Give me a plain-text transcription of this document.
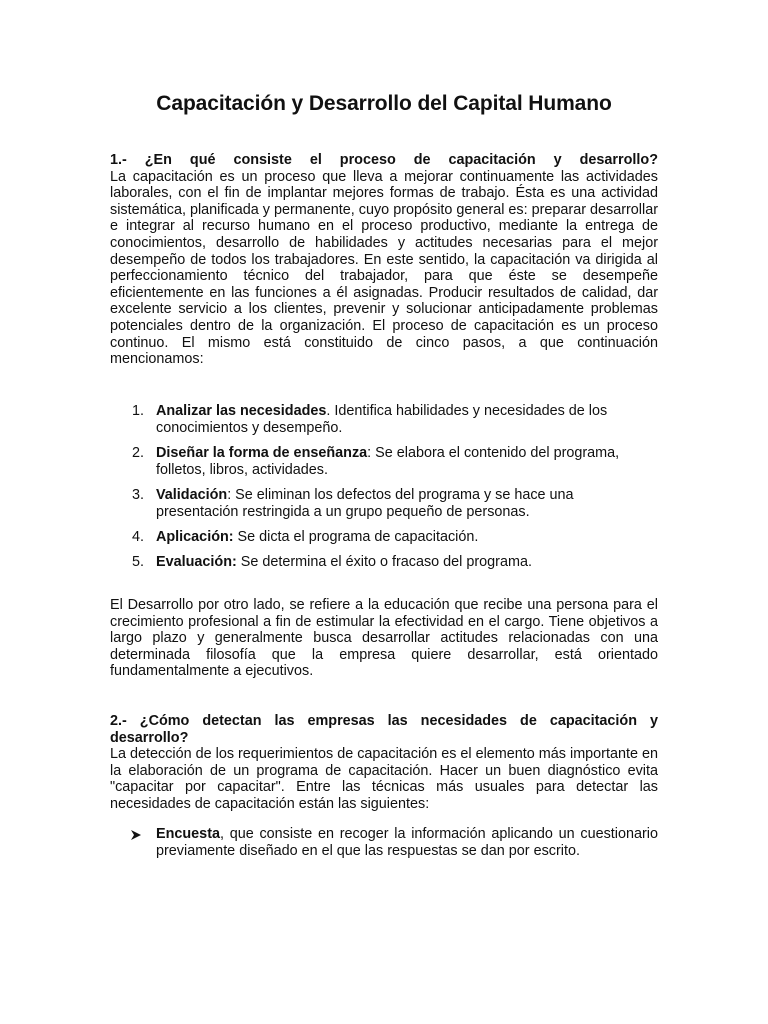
Capacitación y Desarrollo del Capital Humano
1.- ¿En qué consiste el proceso de capacitación y desarrollo?

La capacitación es un proceso que lleva a mejorar continuamente las actividades laborales, con el fin de implantar mejores formas de trabajo. Ésta es una actividad sistemática, planificada y permanente, cuyo propósito general es: preparar desarrollar e integrar al recurso humano en el proceso productivo, mediante la entrega de conocimientos, desarrollo de habilidades y actitudes necesarias para el mejor desempeño de todos los trabajadores. En este sentido, la capacitación va dirigida al perfeccionamiento técnico del trabajador, para que éste se desempeñe eficientemente en las funciones a él asignadas. Producir resultados de calidad, dar excelente servicio a los clientes, prevenir y solucionar anticipadamente problemas potenciales dentro de la organización. El proceso de capacitación es un proceso continuo. El mismo está constituido de cinco pasos, a que continuación mencionamos:

1. Analizar las necesidades. Identifica habilidades y necesidades de los conocimientos y desempeño.
2. Diseñar la forma de enseñanza: Se elabora el contenido del programa, folletos, libros, actividades.
3. Validación: Se eliminan los defectos del programa y se hace una presentación restringida a un grupo pequeño de personas.
4. Aplicación: Se dicta el programa de capacitación.
5. Evaluación: Se determina el éxito o fracaso del programa.

El Desarrollo por otro lado, se refiere a la educación que recibe una persona para el crecimiento profesional a fin de estimular la efectividad en el cargo. Tiene objetivos a largo plazo y generalmente busca desarrollar actitudes relacionadas con una determinada filosofía que la empresa quiere desarrollar, está orientado fundamentalmente a ejecutivos.

2.- ¿Cómo detectan las empresas las necesidades de capacitación y
desarrollo?

La detección de los requerimientos de capacitación es el elemento más importante en la elaboración de un programa de capacitación. Hacer un buen diagnóstico evita "capacitar por capacitar". Entre las técnicas más usuales para detectar las necesidades de capacitación están las siguientes:

Encuesta, que consiste en recoger la información aplicando un cuestionario previamente diseñado en el que las respuestas se dan por escrito.
